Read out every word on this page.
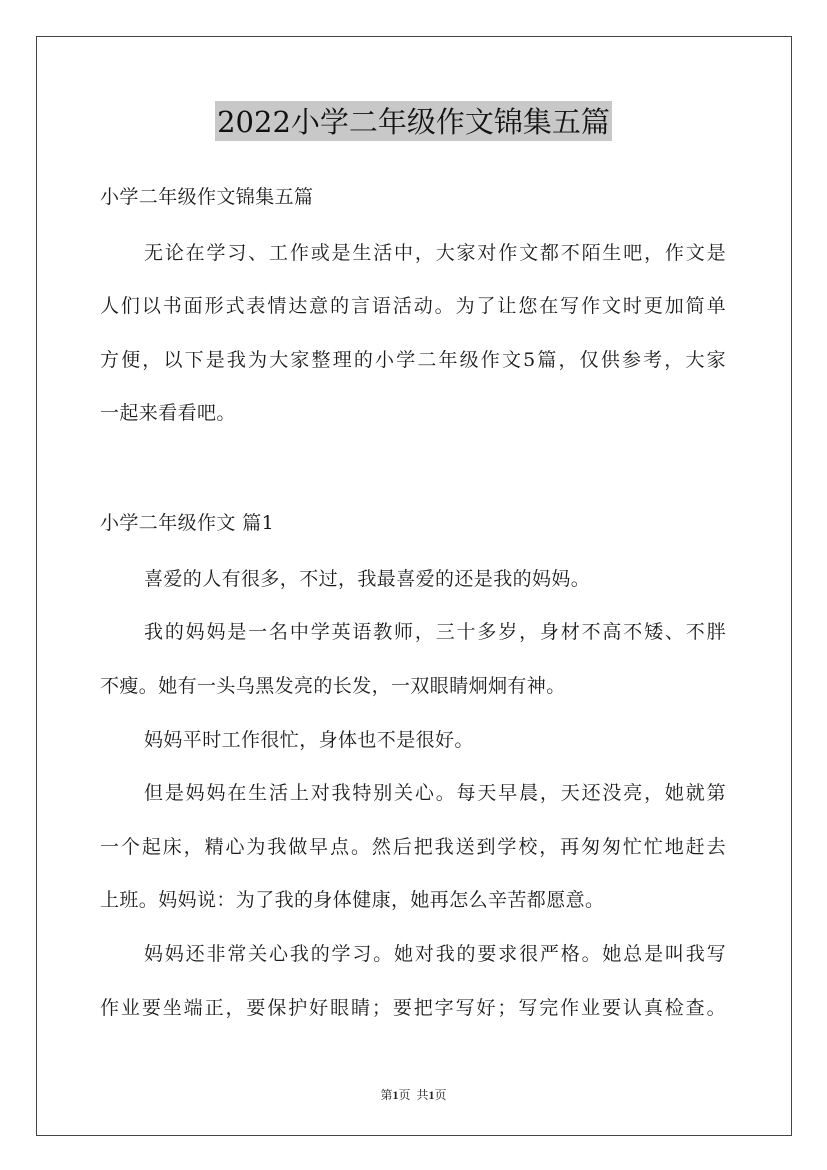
2022小学二年级作文锦集五篇
小学二年级作文锦集五篇
无论在学习、工作或是生活中，大家对作文都不陌生吧，作文是
人们以书面形式表情达意的言语活动。为了让您在写作文时更加简单
方便，以下是我为大家整理的小学二年级作文5篇，仅供参考，大家
一起来看看吧。
小学二年级作文 篇1
喜爱的人有很多，不过，我最喜爱的还是我的妈妈。
我的妈妈是一名中学英语教师，三十多岁，身材不高不矮、不胖
不瘦。她有一头乌黑发亮的长发，一双眼睛炯炯有神。
妈妈平时工作很忙，身体也不是很好。
但是妈妈在生活上对我特别关心。每天早晨，天还没亮，她就第
一个起床，精心为我做早点。然后把我送到学校，再匆匆忙忙地赶去
上班。妈妈说：为了我的身体健康，她再怎么辛苦都愿意。
妈妈还非常关心我的学习。她对我的要求很严格。她总是叫我写
作业要坐端正，要保护好眼睛；要把字写好；写完作业要认真检查。
第1页 共1页
